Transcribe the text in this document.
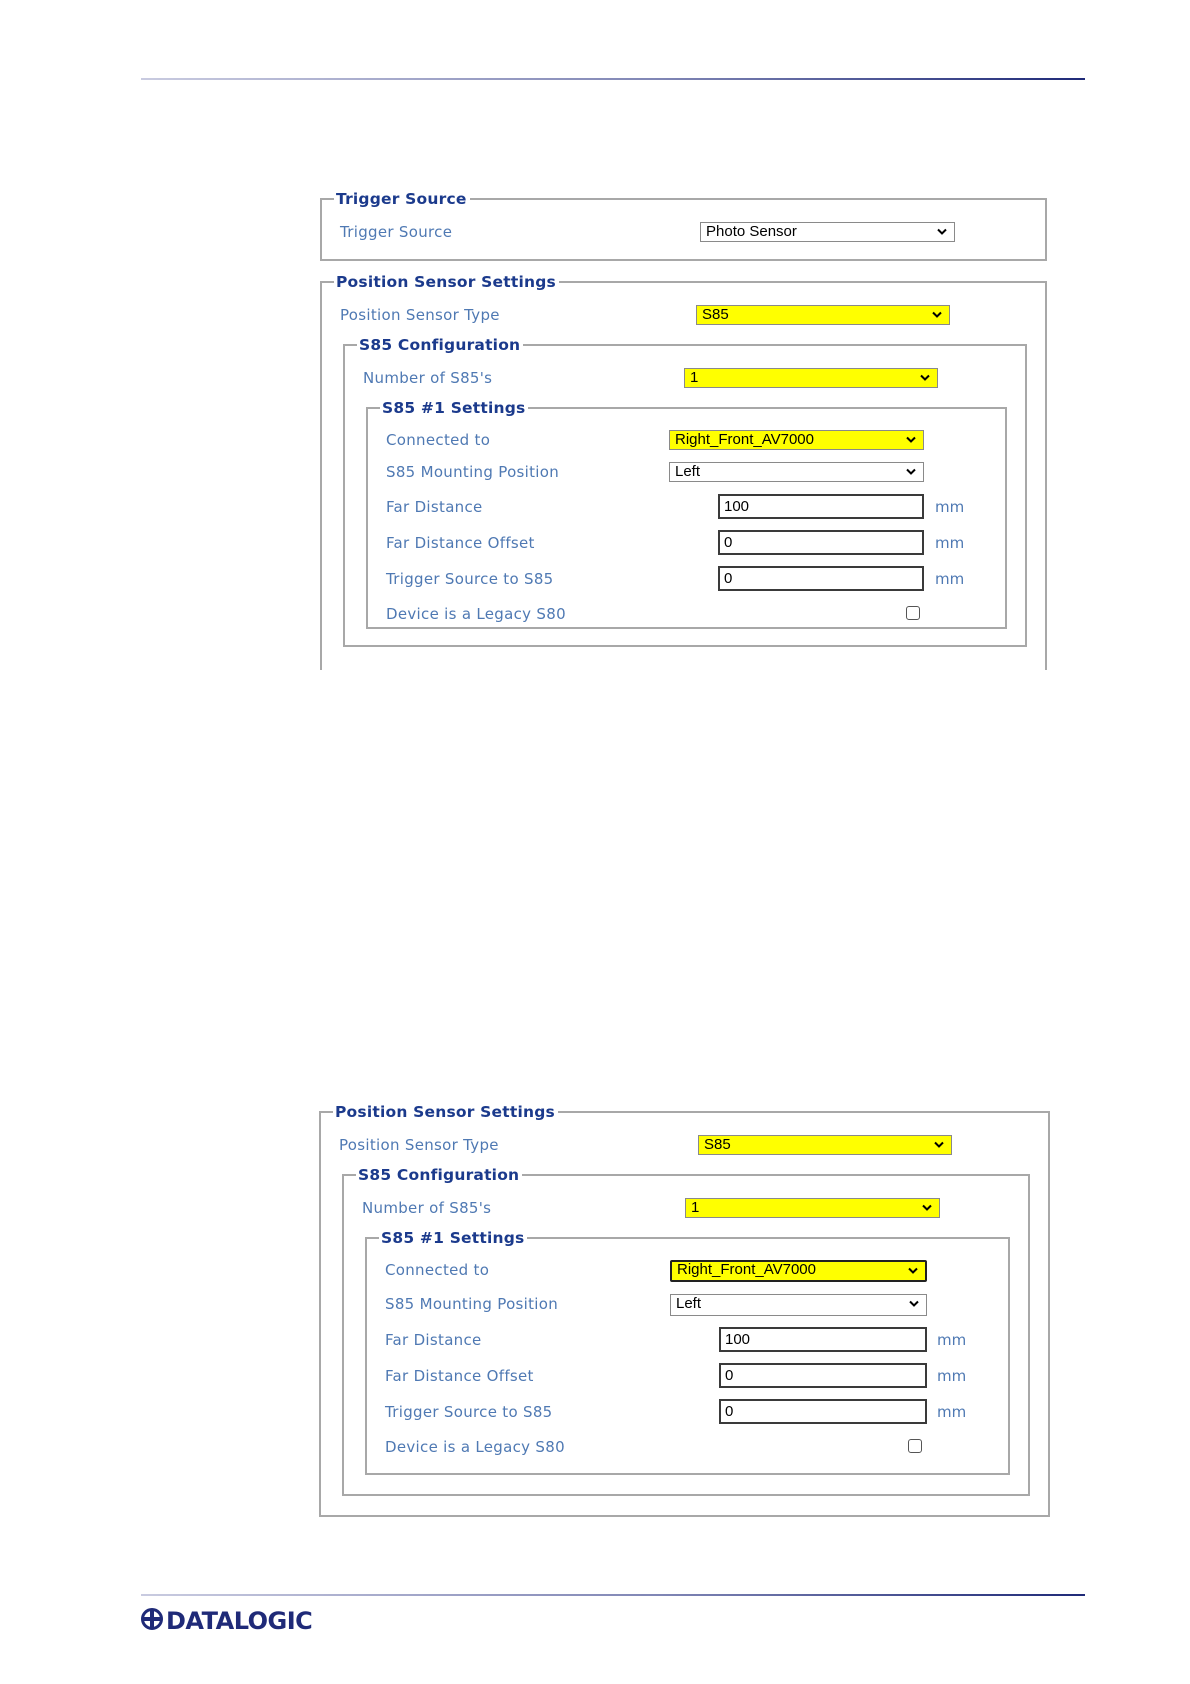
Trigger Source
Trigger Source	Photo Sensor
Position Sensor Settings
Position Sensor Type	S85
S85 Configuration
Number of S85's	1
S85 #1 Settings
Connected to	Right_Front_AV7000
S85 Mounting Position	Left
Far Distance	100	mm
Far Distance Offset	0	mm
Trigger Source to S85	0	mm
Device is a Legacy S80
Position Sensor Settings
Position Sensor Type	S85
S85 Configuration
Number of S85's	1
S85 #1 Settings
Connected to	Right_Front_AV7000
S85 Mounting Position	Left
Far Distance	100	mm
Far Distance Offset	0	mm
Trigger Source to S85	0	mm
Device is a Legacy S80
DATALOGIC
